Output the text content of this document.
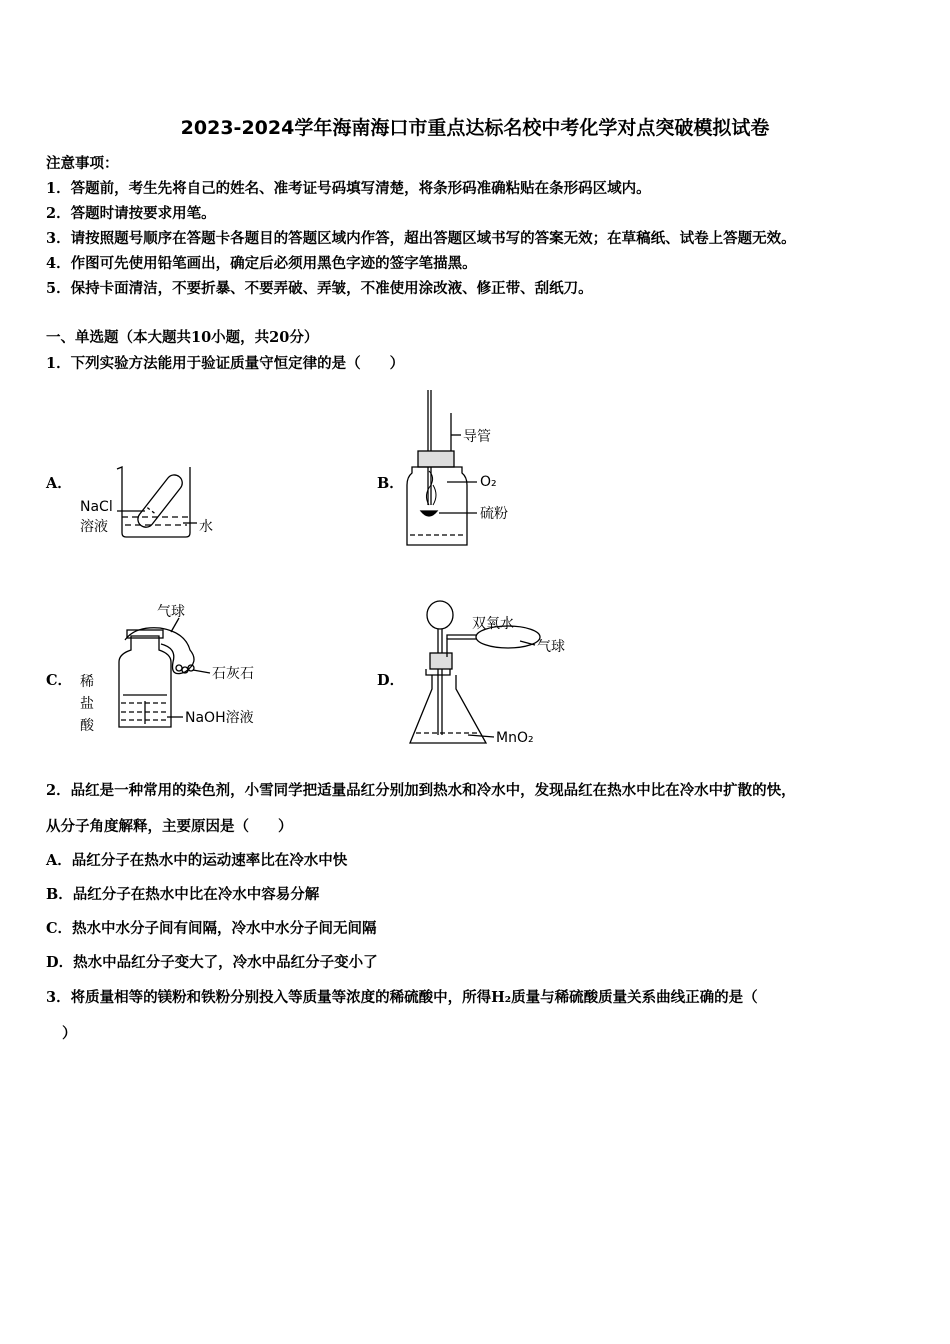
2023-2024学年海南海口市重点达标名校中考化学对点突破模拟试卷
注意事项：
1．答题前，考生先将自己的姓名、准考证号码填写清楚，将条形码准确粘贴在条形码区域内。
2．答题时请按要求用笔。
3．请按照题号顺序在答题卡各题目的答题区域内作答，超出答题区域书写的答案无效；在草稿纸、试卷上答题无效。
4．作图可先使用铅笔画出，确定后必须用黑色字迹的签字笔描黑。
5．保持卡面清洁，不要折暴、不要弄破、弄皱，不准使用涂改液、修正带、刮纸刀。
一、单选题（本大题共10小题，共20分）
1．下列实验方法能用于验证质量守恒定律的是（　　）
A．	B．
C．	D．
NaCl
溶液	水
导管
O₂
硫粉
气球
石灰石
稀
盐
酸	NaOH溶液
双氧水
气球
MnO₂
2．品红是一种常用的染色剂，小雪同学把适量品红分别加到热水和冷水中，发现品红在热水中比在冷水中扩散的快，
从分子角度解释，主要原因是（　　）
A．品红分子在热水中的运动速率比在冷水中快
B．品红分子在热水中比在冷水中容易分解
C．热水中水分子间有间隔，冷水中水分子间无间隔
D．热水中品红分子变大了，冷水中品红分子变小了
3．将质量相等的镁粉和铁粉分别投入等质量等浓度的稀硫酸中，所得H₂质量与稀硫酸质量关系曲线正确的是（
）
